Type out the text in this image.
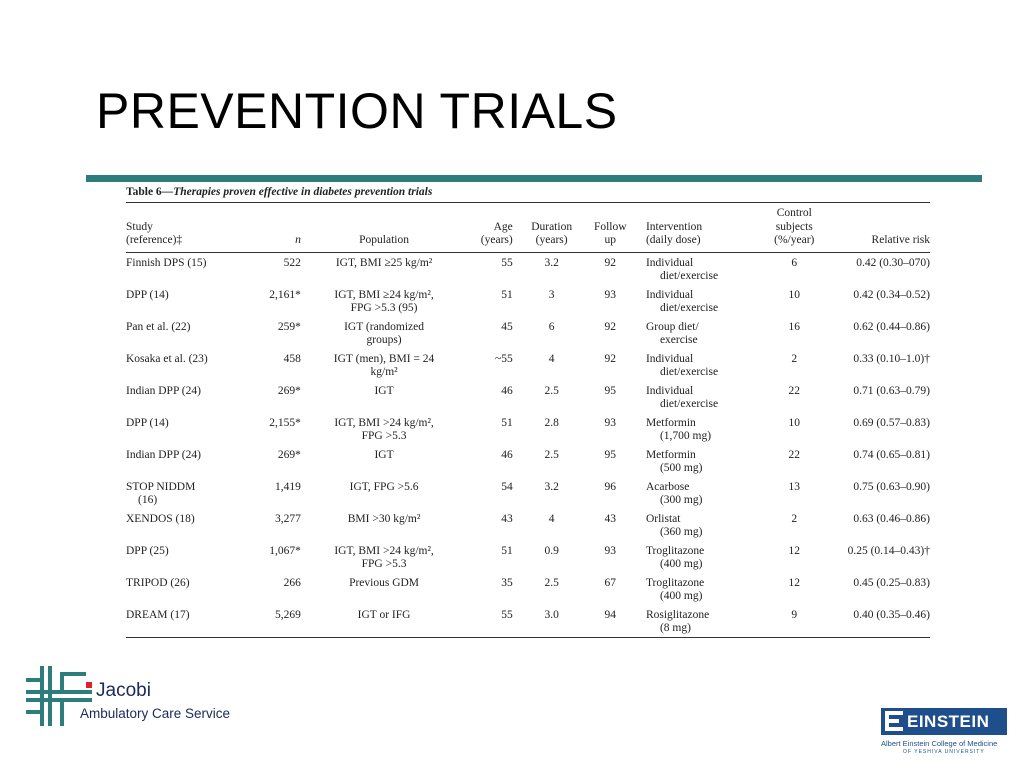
PREVENTION TRIALS
Table 6—Therapies proven effective in diabetes prevention trials
Study
(reference)‡	n	Population	Age
(years)	Duration
(years)	Follow
up	Intervention
(daily dose)	Control
subjects
(%/year)	Relative risk

Finnish DPS (15)	522	IGT, BMI ≥25 kg/m²	55	3.2	92	Individual
diet/exercise	6	0.42 (0.30–070)

DPP (14)	2,161*	IGT, BMI ≥24 kg/m²,
FPG >5.3 (95)	51	3	93	Individual
diet/exercise	10	0.42 (0.34–0.52)

Pan et al. (22)	259*	IGT (randomized
groups)	45	6	92	Group diet/
exercise	16	0.62 (0.44–0.86)

Kosaka et al. (23)	458	IGT (men), BMI = 24
kg/m²	~55	4	92	Individual
diet/exercise	2	0.33 (0.10–1.0)†

Indian DPP (24)	269*	IGT	46	2.5	95	Individual
diet/exercise	22	0.71 (0.63–0.79)

DPP (14)	2,155*	IGT, BMI >24 kg/m²,
FPG >5.3	51	2.8	93	Metformin
(1,700 mg)	10	0.69 (0.57–0.83)

Indian DPP (24)	269*	IGT	46	2.5	95	Metformin
(500 mg)	22	0.74 (0.65–0.81)

STOP NIDDM
(16)	1,419	IGT, FPG >5.6	54	3.2	96	Acarbose
(300 mg)	13	0.75 (0.63–0.90)

XENDOS (18)	3,277	BMI >30 kg/m²	43	4	43	Orlistat
(360 mg)	2	0.63 (0.46–0.86)

DPP (25)	1,067*	IGT, BMI >24 kg/m²,
FPG >5.3	51	0.9	93	Troglitazone
(400 mg)	12	0.25 (0.14–0.43)†

TRIPOD (26)	266	Previous GDM	35	2.5	67	Troglitazone
(400 mg)	12	0.45 (0.25–0.83)

DREAM (17)	5,269	IGT or IFG	55	3.0	94	Rosiglitazone
(8 mg)	9	0.40 (0.35–0.46)
Jacobi
Ambulatory Care Service	EINSTEIN
Albert Einstein College of Medicine
OF YESHIVA UNIVERSITY
